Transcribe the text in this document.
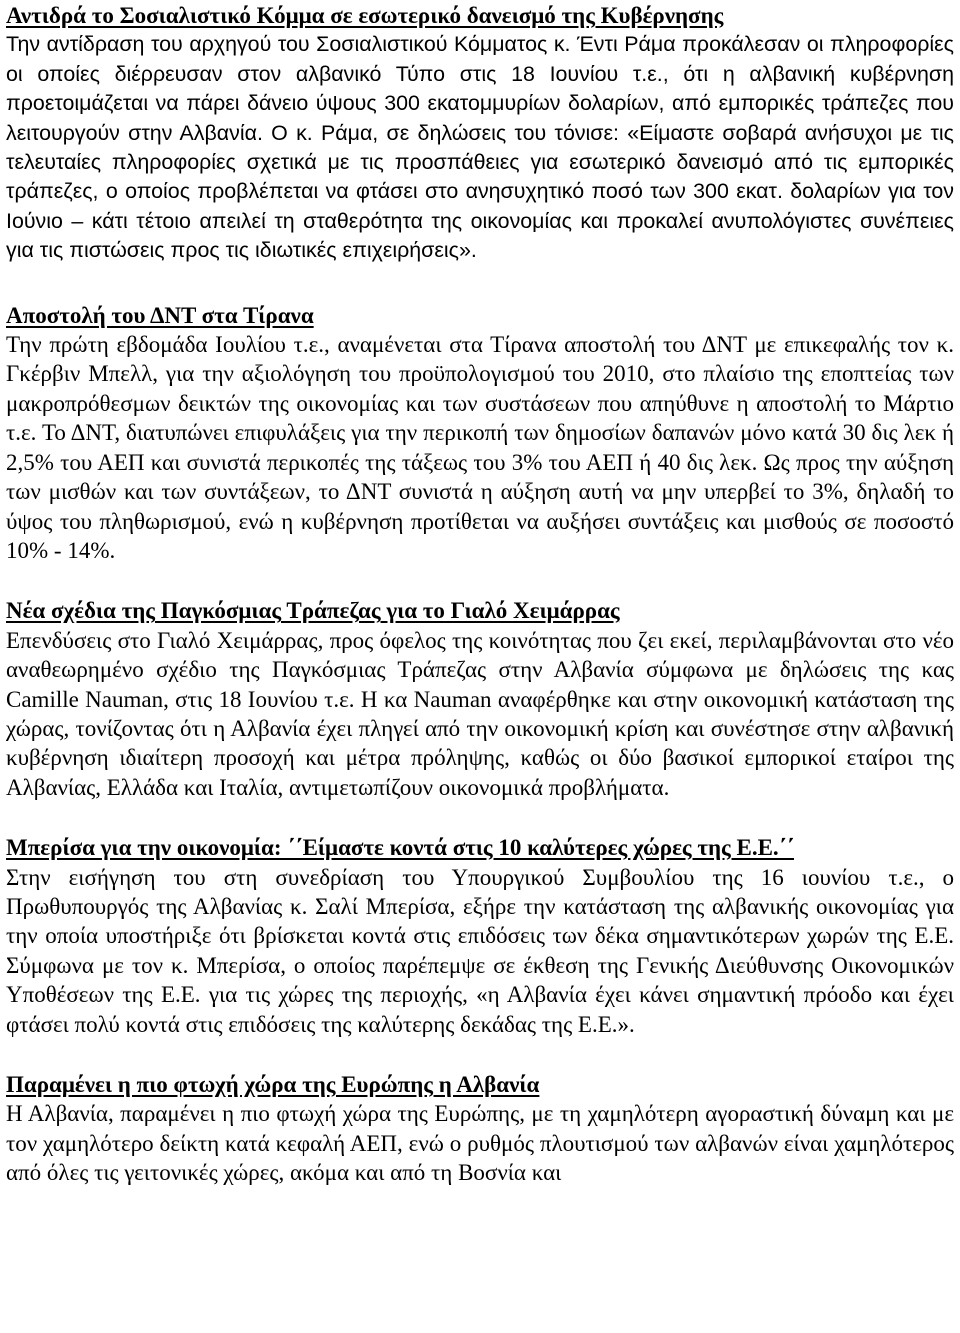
Αντιδρά το Σοσιαλιστικό Κόμμα σε εσωτερικό δανεισμό της Κυβέρνησης

Την αντίδραση του αρχηγού του Σοσιαλιστικού Κόμματος κ. Έντι Ράμα προκάλεσαν οι πληροφορίες οι οποίες διέρρευσαν στον αλβανικό Τύπο στις 18 Ιουνίου τ.ε., ότι η αλβανική κυβέρνηση προετοιμάζεται να πάρει δάνειο ύψους 300 εκατομμυρίων δολαρίων, από εμπορικές τράπεζες που λειτουργούν στην Αλβανία. Ο κ. Ράμα, σε δηλώσεις του τόνισε: «Είμαστε σοβαρά ανήσυχοι με τις τελευταίες πληροφορίες σχετικά με τις προσπάθειες για εσωτερικό δανεισμό από τις εμπορικές τράπεζες, ο οποίος προβλέπεται να φτάσει στο ανησυχητικό ποσό των 300 εκατ. δολαρίων για τον Ιούνιο – κάτι τέτοιο απειλεί τη σταθερότητα της οικονομίας και προκαλεί ανυπολόγιστες συνέπειες για τις πιστώσεις προς τις ιδιωτικές επιχειρήσεις».

Αποστολή του ΔΝΤ στα Τίρανα

Την πρώτη εβδομάδα Ιουλίου τ.ε., αναμένεται στα Τίρανα αποστολή του ΔΝΤ με επικεφαλής τον κ. Γκέρβιν Μπελλ, για την αξιολόγηση του προϋπολογισμού του 2010, στο πλαίσιο της εποπτείας των μακροπρόθεσμων δεικτών της οικονομίας και των συστάσεων που απηύθυνε η αποστολή το Μάρτιο τ.ε. Το ΔΝΤ, διατυπώνει επιφυλάξεις για την περικοπή των δημοσίων δαπανών μόνο κατά 30 δις λεκ ή 2,5% του ΑΕΠ και συνιστά περικοπές της τάξεως του 3% του ΑΕΠ ή 40 δις λεκ. Ως προς την αύξηση των μισθών και των συντάξεων, το ΔΝΤ συνιστά η αύξηση αυτή να μην υπερβεί το 3%, δηλαδή το ύψος του πληθωρισμού, ενώ η κυβέρνηση προτίθεται να αυξήσει συντάξεις και μισθούς σε ποσοστό 10% - 14%.

Νέα σχέδια της Παγκόσμιας Τράπεζας για το Γιαλό Χειμάρρας

Επενδύσεις στο Γιαλό Χειμάρρας, προς όφελος της κοινότητας που ζει εκεί, περιλαμβάνονται στο νέο αναθεωρημένο σχέδιο της Παγκόσμιας Τράπεζας στην Αλβανία σύμφωνα με δηλώσεις της κας Camille Nauman, στις 18 Ιουνίου τ.ε. Η κα Nauman αναφέρθηκε και στην οικονομική κατάσταση της χώρας, τονίζοντας ότι η Αλβανία έχει πληγεί από την οικονομική κρίση και συνέστησε στην αλβανική κυβέρνηση ιδιαίτερη προσοχή και μέτρα πρόληψης, καθώς οι δύο βασικοί εμπορικοί εταίροι της Αλβανίας, Ελλάδα και Ιταλία, αντιμετωπίζουν οικονομικά προβλήματα.

Μπερίσα για την οικονομία: ΄΄Είμαστε κοντά στις 10 καλύτερες χώρες της Ε.Ε.΄΄

Στην εισήγηση του στη συνεδρίαση του Υπουργικού Συμβουλίου της 16 ιουνίου τ.ε., ο Πρωθυπουργός της Αλβανίας κ. Σαλί Μπερίσα, εξήρε την κατάσταση της αλβανικής οικονομίας για την οποία υποστήριξε ότι βρίσκεται κοντά στις επιδόσεις των δέκα σημαντικότερων χωρών της Ε.Ε. Σύμφωνα με τον κ. Μπερίσα, ο οποίος παρέπεμψε σε έκθεση της Γενικής Διεύθυνσης Οικονομικών Υποθέσεων της Ε.Ε. για τις χώρες της περιοχής, «η Αλβανία έχει κάνει σημαντική πρόοδο και έχει φτάσει πολύ κοντά στις επιδόσεις της καλύτερης δεκάδας της Ε.Ε.».

Παραμένει η πιο φτωχή χώρα της Ευρώπης η Αλβανία

Η Αλβανία, παραμένει η πιο φτωχή χώρα της Ευρώπης, με τη χαμηλότερη αγοραστική δύναμη και με τον χαμηλότερο δείκτη κατά κεφαλή ΑΕΠ, ενώ ο ρυθμός πλουτισμού των αλβανών είναι χαμηλότερος από όλες τις γειτονικές χώρες, ακόμα και από τη Βοσνία και
